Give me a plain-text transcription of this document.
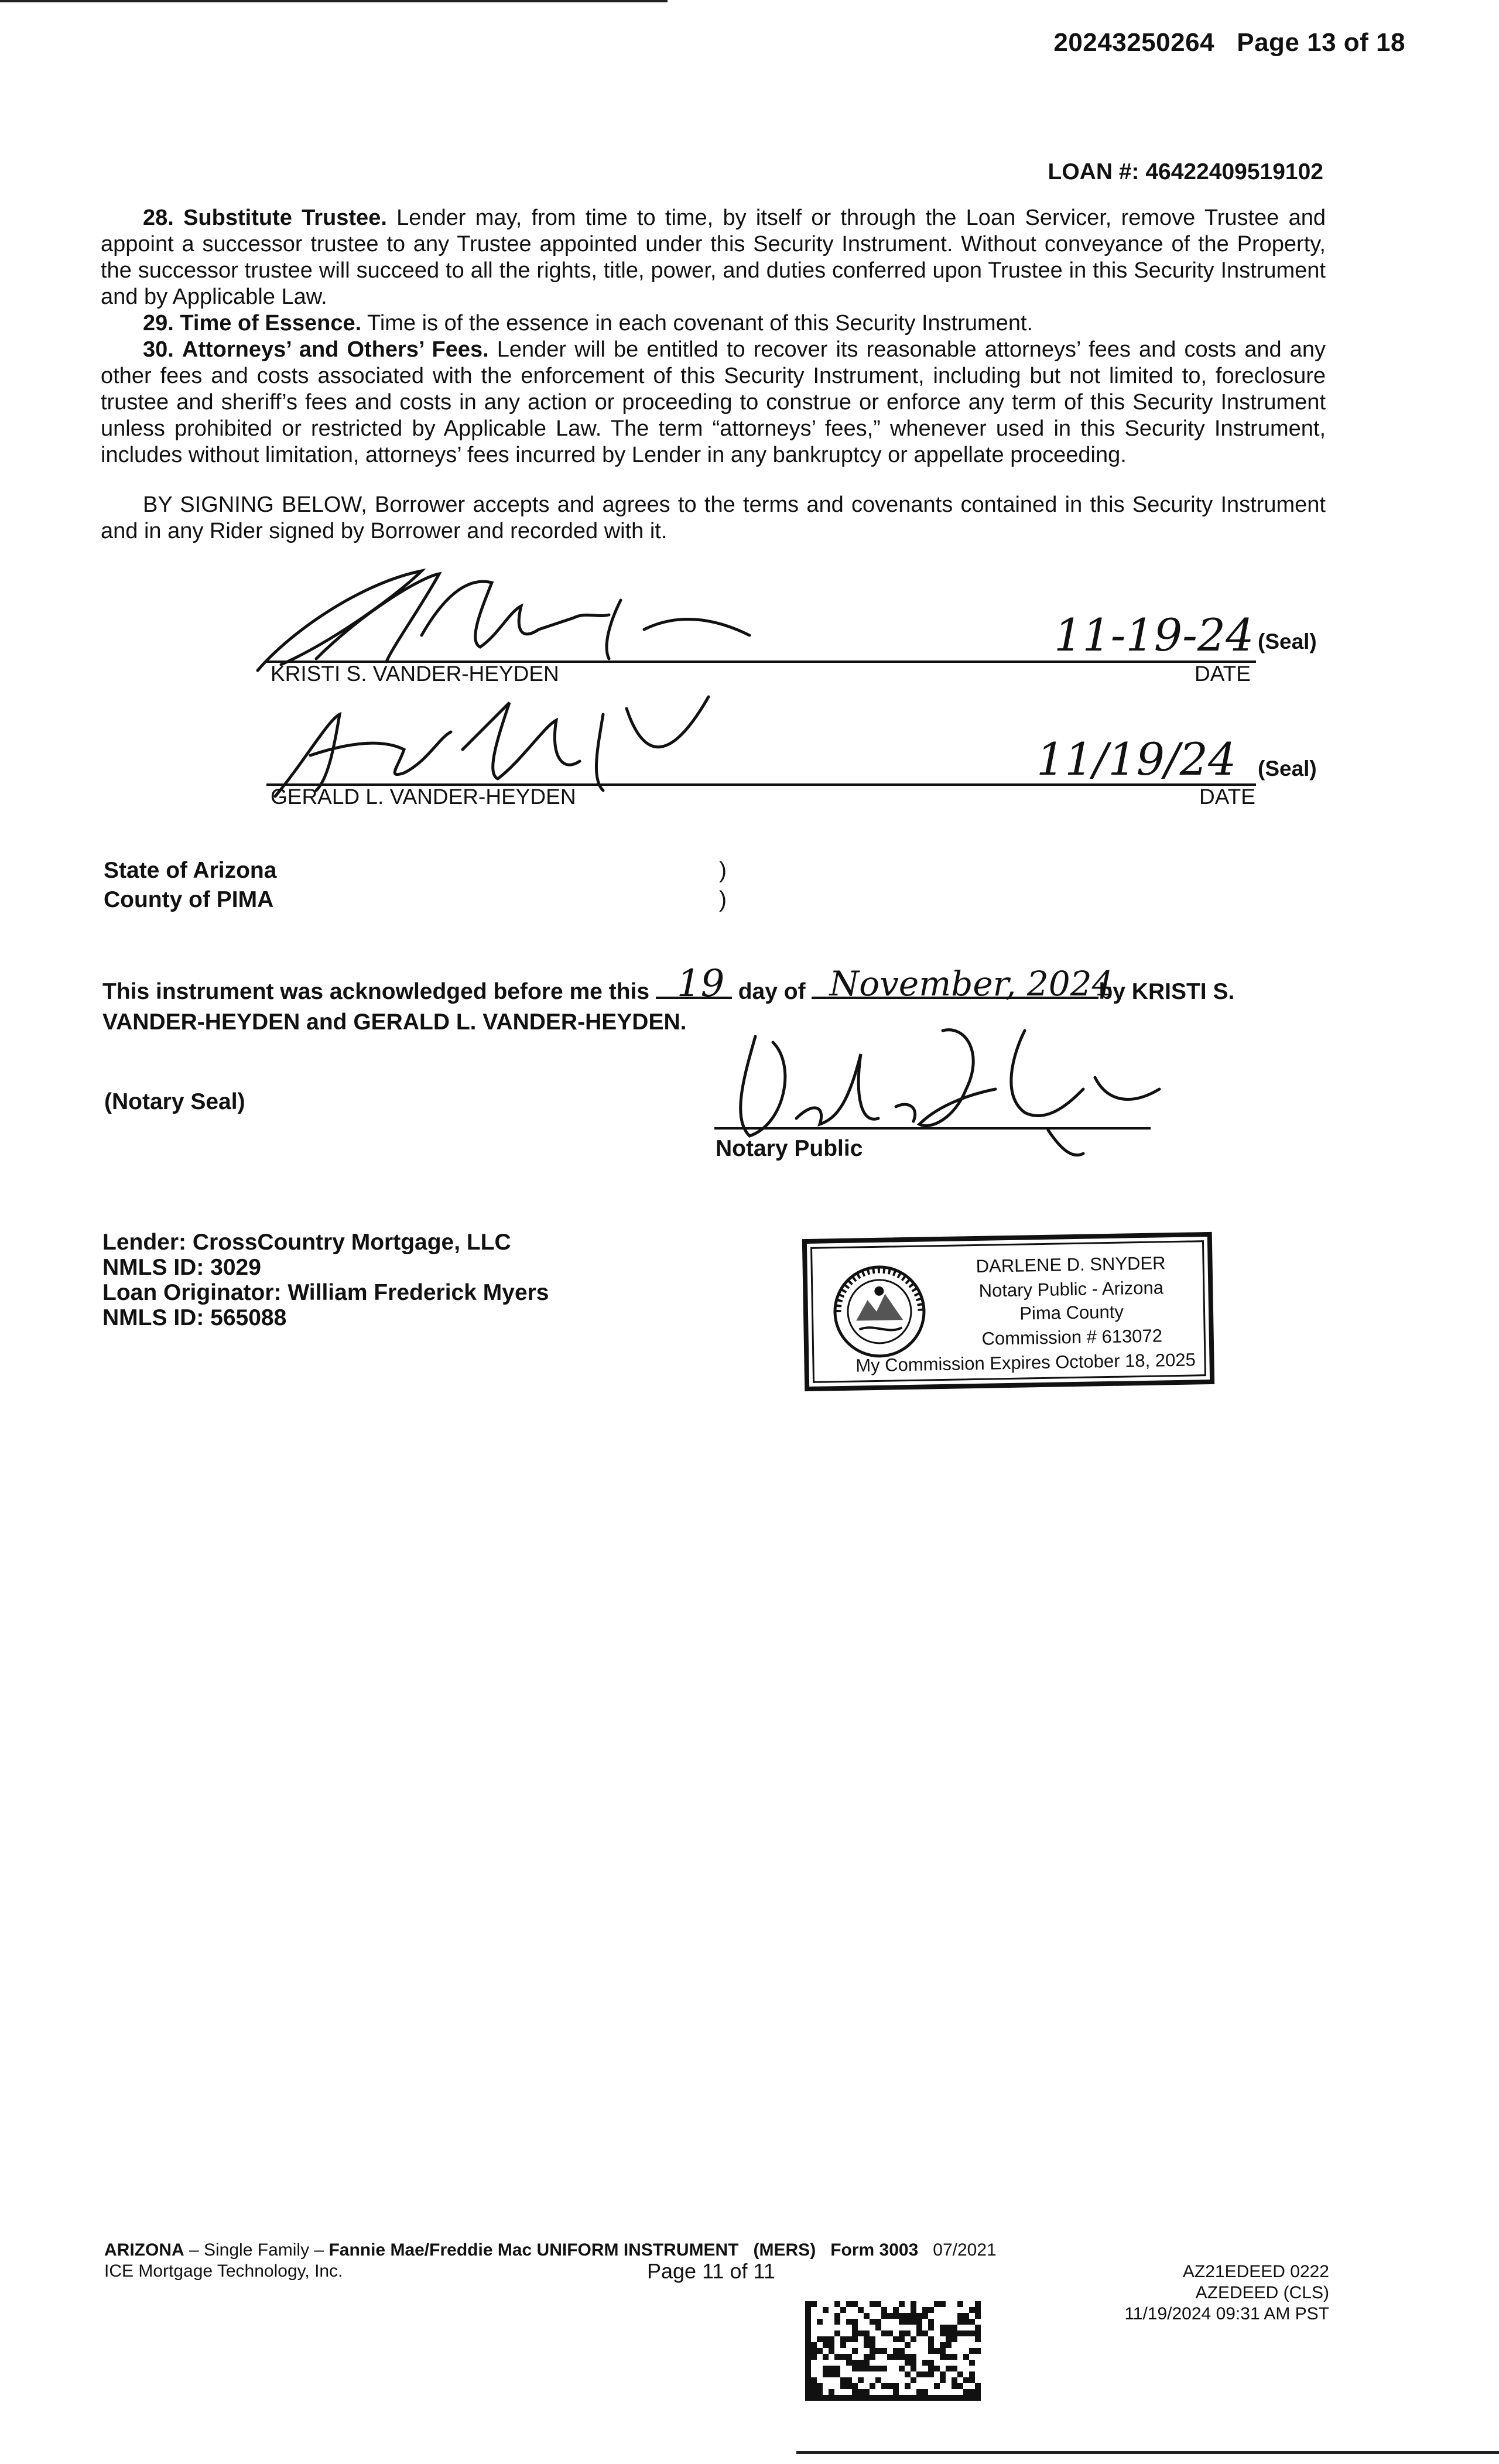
20243250264 Page 13 of 18
LOAN #: 46422409519102
28. Substitute Trustee. Lender may, from time to time, by itself or through the Loan Servicer, remove Trustee and appoint a successor trustee to any Trustee appointed under this Security Instrument. Without conveyance of the Property, the successor trustee will succeed to all the rights, title, power, and duties conferred upon Trustee in this Security Instrument and by Applicable Law.
29. Time of Essence. Time is of the essence in each covenant of this Security Instrument.
30. Attorneys’ and Others’ Fees. Lender will be entitled to recover its reasonable attorneys’ fees and costs and any other fees and costs associated with the enforcement of this Security Instrument, including but not limited to, foreclosure trustee and sheriff’s fees and costs in any action or proceeding to construe or enforce any term of this Security Instrument unless prohibited or restricted by Applicable Law. The term “attorneys’ fees,” whenever used in this Security Instrument, includes without limitation, attorneys’ fees incurred by Lender in any bankruptcy or appellate proceeding.
BY SIGNING BELOW, Borrower accepts and agrees to the terms and covenants contained in this Security Instrument and in any Rider signed by Borrower and recorded with it.
KRISTI S. VANDER-HEYDEN
11-19-24 (Seal)
DATE
GERALD L. VANDER-HEYDEN
11/19/24 (Seal)
DATE
State of Arizona
County of PIMA
)
)
This instrument was acknowledged before me this 19 day of November, 2024
by KRISTI S.
VANDER-HEYDEN and GERALD L. VANDER-HEYDEN.
(Notary Seal)
Notary Public
Lender: CrossCountry Mortgage, LLC
NMLS ID: 3029
Loan Originator: William Frederick Myers
NMLS ID: 565088
DARLENE D. SNYDER
Notary Public - Arizona
Pima County
Commission # 613072
My Commission Expires October 18, 2025
ARIZONA – Single Family – Fannie Mae/Freddie Mac UNIFORM INSTRUMENT (MERS) Form 3003 07/2021
ICE Mortgage Technology, Inc.	Page 11 of 11	AZ21EDEED 0222
AZEDEED (CLS)
11/19/2024 09:31 AM PST
